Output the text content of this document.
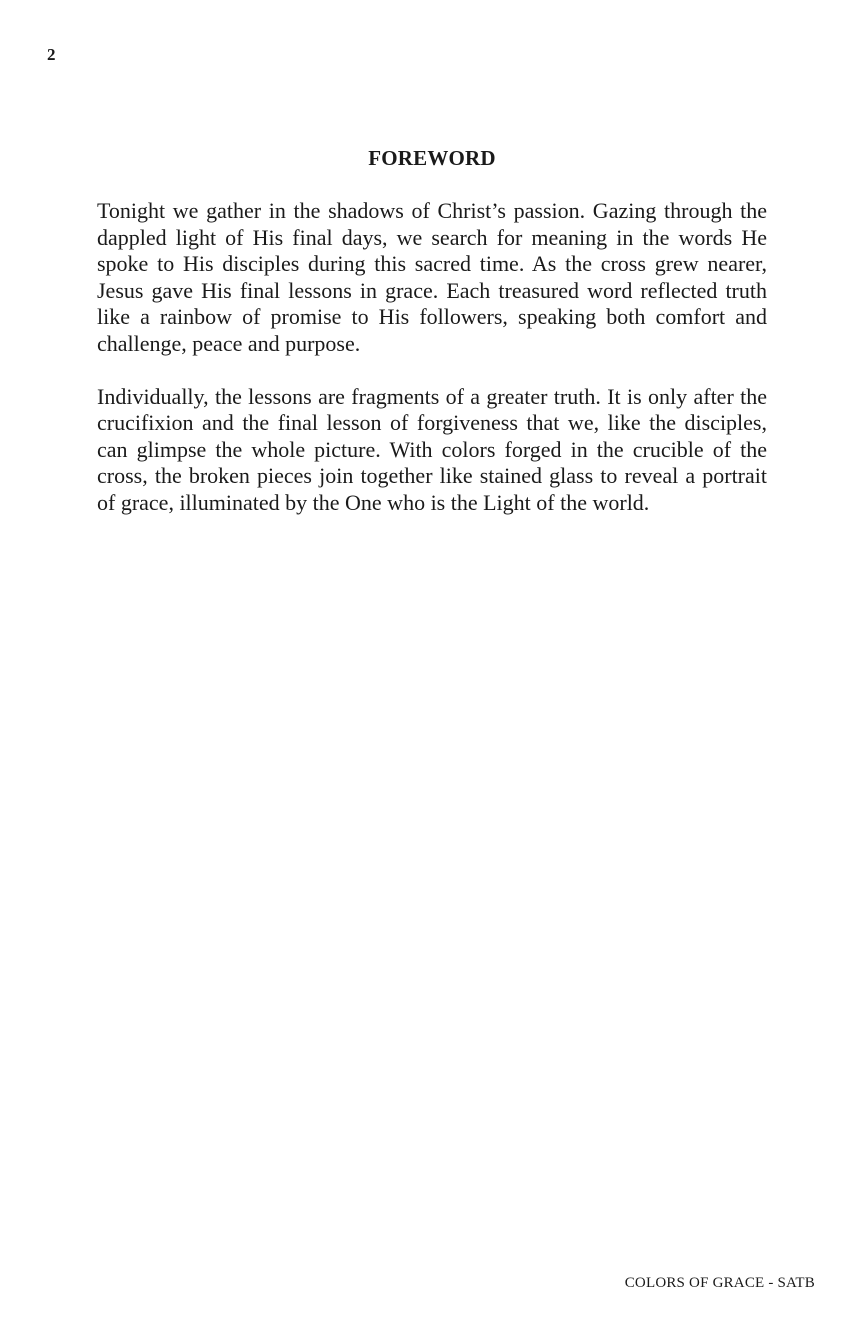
2
FOREWORD

Tonight we gather in the shadows of Christ’s passion. Gazing through the dappled light of His final days, we search for meaning in the words He spoke to His disciples during this sacred time. As the cross grew nearer, Jesus gave His final lessons in grace. Each treasured word reflected truth like a rainbow of promise to His followers, speaking both comfort and challenge, peace and purpose.

Individually, the lessons are fragments of a greater truth. It is only after the crucifixion and the final lesson of forgiveness that we, like the disciples, can glimpse the whole picture. With colors forged in the crucible of the cross, the broken pieces join together like stained glass to reveal a portrait of grace, illuminated by the One who is the Light of the world.

COLORS OF GRACE - SATB
